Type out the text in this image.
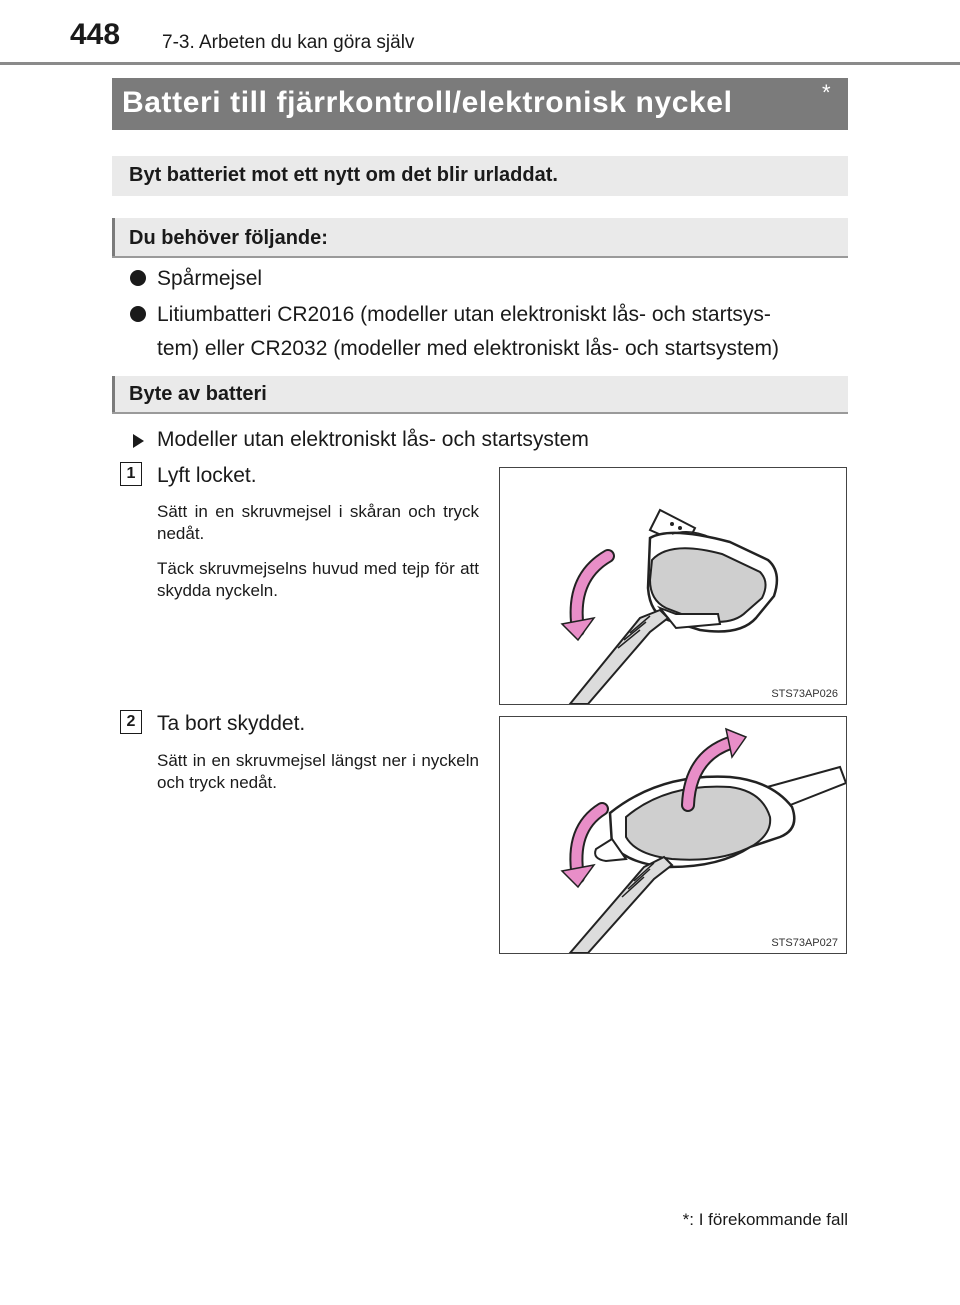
448 7-3. Arbeten du kan göra själv
Batteri till fjärrkontroll/elektronisk nyckel	*
Byt batteriet mot ett nytt om det blir urladdat.
Du behöver följande:
Spårmejsel
Litiumbatteri CR2016 (modeller utan elektroniskt lås- och startsys-
tem) eller CR2032 (modeller med elektroniskt lås- och startsystem)
Byte av batteri
Modeller utan elektroniskt lås- och startsystem
1	Lyft locket.
Sätt in en skruvmejsel i skåran och tryck nedåt.
Täck skruvmejselns huvud med tejp för att skydda nyckeln.
STS73AP026
2	Ta bort skyddet.
Sätt in en skruvmejsel längst ner i nyckeln och tryck nedåt.
STS73AP027
*: I förekommande fall
